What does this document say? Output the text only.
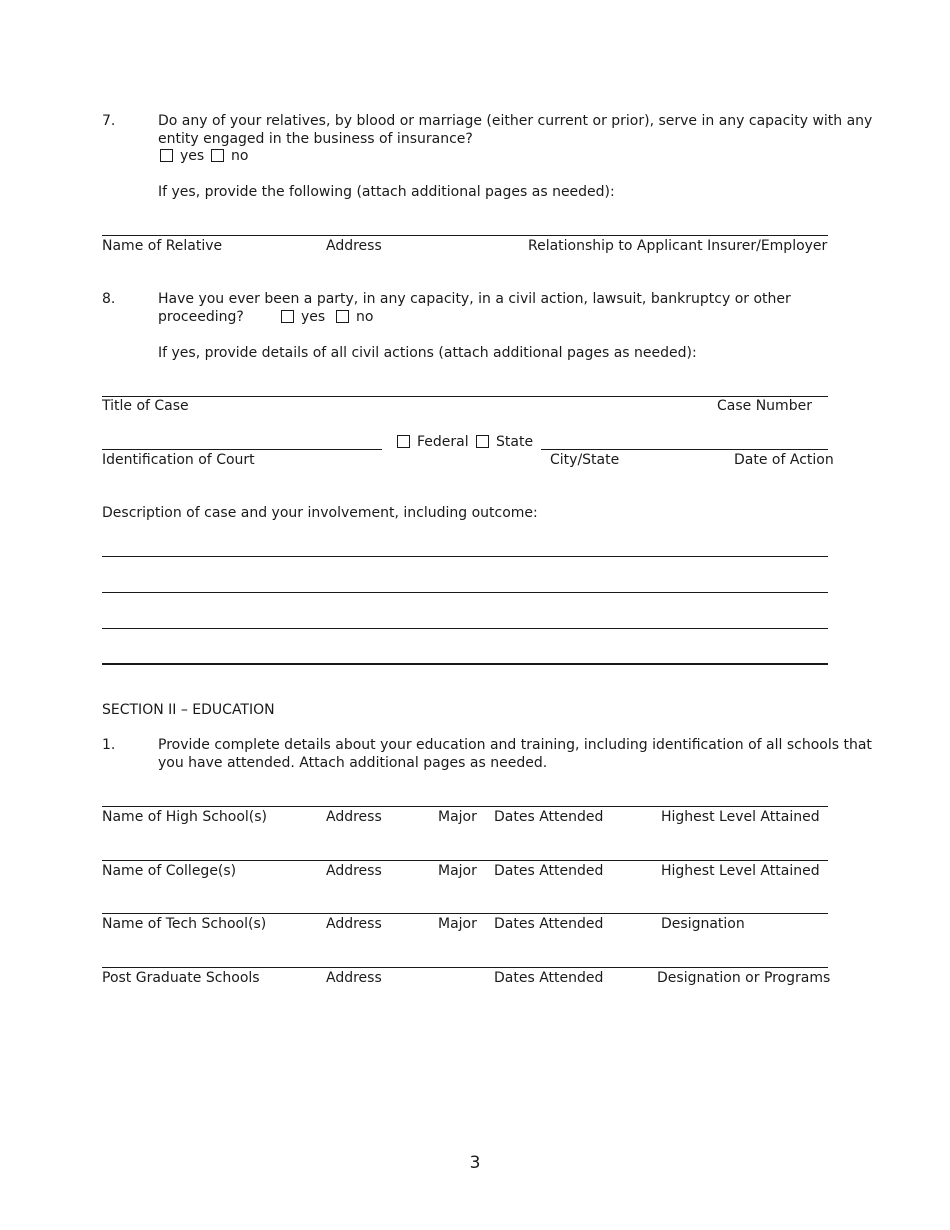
7.	Do any of your relatives, by blood or marriage (either current or prior), serve in any capacity with any
entity engaged in the business of insurance?
yes no
If yes, provide the following (attach additional pages as needed):
Name of Relative	Address	Relationship to Applicant Insurer/Employer
8.	Have you ever been a party, in any capacity, in a civil action, lawsuit, bankruptcy or other
proceeding?	yes no
If yes, provide details of all civil actions (attach additional pages as needed):
Title of Case	Case Number
Federal State
Identification of Court	City/State	Date of Action
Description of case and your involvement, including outcome:
SECTION II – EDUCATION
1.	Provide complete details about your education and training, including identification of all schools that
you have attended. Attach additional pages as needed.
Name of High School(s)	Address	Major Dates Attended	Highest Level Attained
Name of College(s)	Address	Major Dates Attended	Highest Level Attained
Name of Tech School(s)	Address	Major Dates Attended	Designation
Post Graduate Schools	Address	Dates Attended	Designation or Programs
3
